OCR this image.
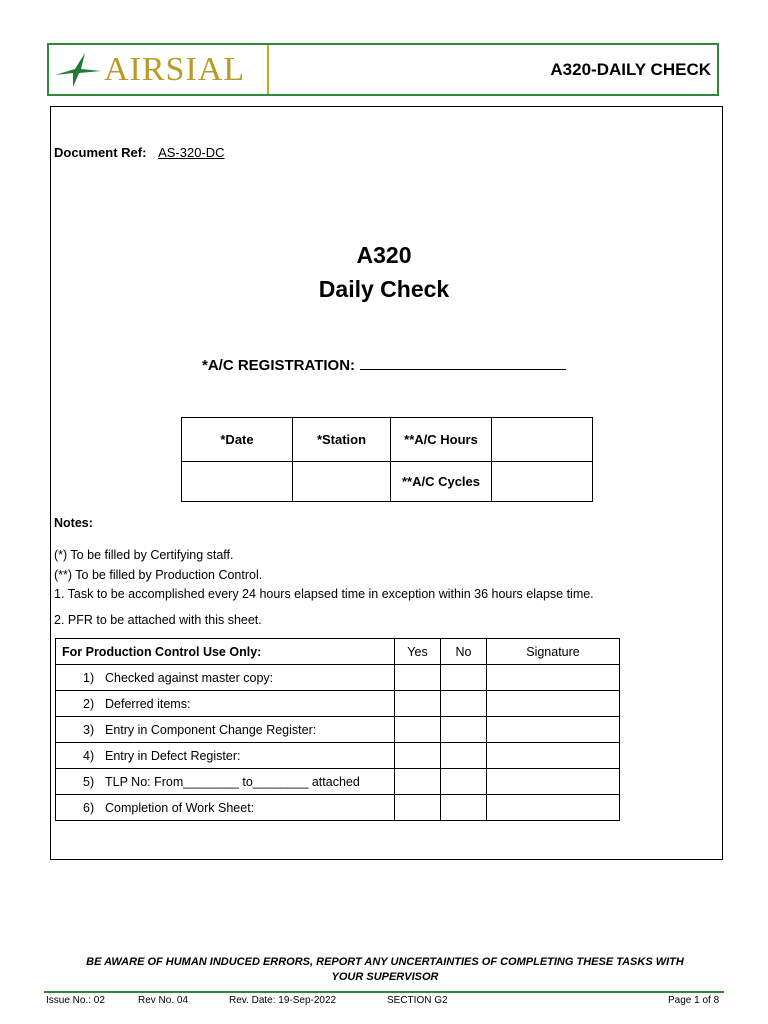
AIRSIAL	A320-DAILY CHECK
Document Ref: AS-320-DC
A320
Daily Check
*A/C REGISTRATION:
*Date	*Station	**A/C Hours	
		**A/C Cycles	
Notes:
(*) To be filled by Certifying staff.
(**) To be filled by Production Control.
1. Task to be accomplished every 24 hours elapsed time in exception within 36 hours elapse time.
2. PFR to be attached with this sheet.
For Production Control Use Only:	Yes	No	Signature
1) Checked against master copy:			
2) Deferred items:			
3) Entry in Component Change Register:			
4) Entry in Defect Register:			
5) TLP No: From________ to________ attached			
6) Completion of Work Sheet:			
BE AWARE OF HUMAN INDUCED ERRORS, REPORT ANY UNCERTAINTIES OF COMPLETING THESE TASKS WITH YOUR SUPERVISOR
Issue No.: 02	Rev No. 04	Rev. Date: 19-Sep-2022	SECTION G2	Page 1 of 8
